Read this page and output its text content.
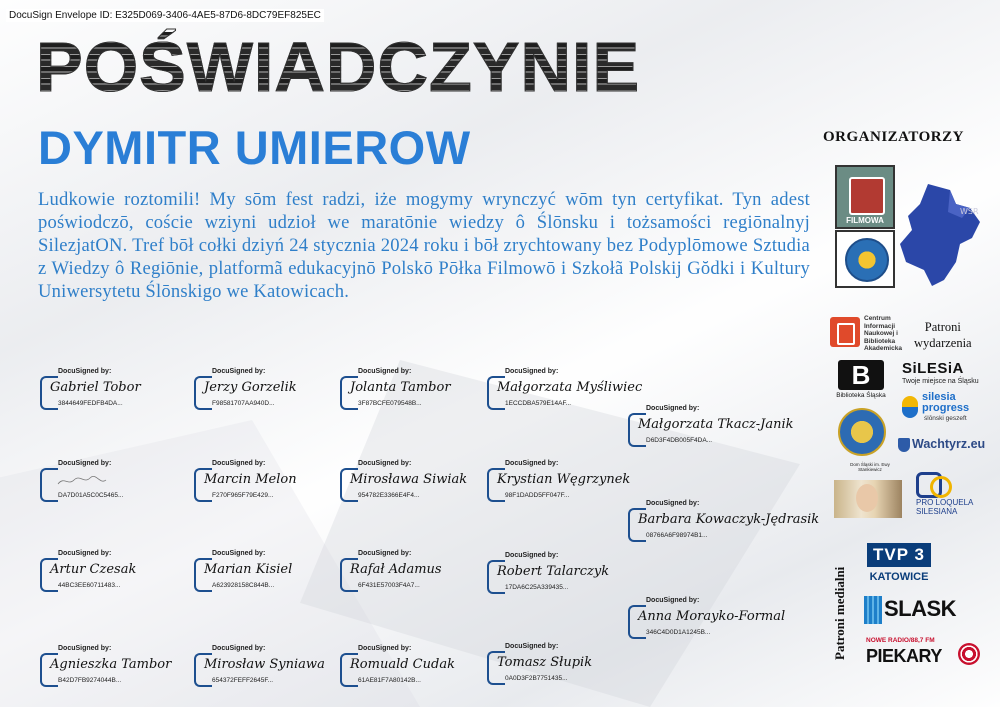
DocuSign Envelope ID: E325D069-3406-4AE5-87D6-8DC79EF825EC
POŚWIADCZYNIE
DYMITR UMIEROW
Ludkowie roztomili! My sōm fest radzi, iże mogymy wrynczyć wōm tyn certyfikat. Tyn adest poświodczō, coście wziyni udzioł we maratōnie wiedzy ô Ślōnsku i tożsamości regiōnalnyj SilezjatON. Tref bōł cołki dziyń 24 stycznia 2024 roku i bōł zrychtowany bez Podyplōmowe Sztudia z Wiedzy ô Regiōnie, platformã edukacyjnō Polskō Pōłka Filmowō i Szkołã Polskij Gŏdki i Kultury Uniwersytetu Ślōnskigo we Katowicach.
DocuSigned by:
Gabriel Tobor
3844649FEDFB4DA...
DocuSigned by:
Jerzy Gorzelik
F98581707AA940D...
DocuSigned by:
Jolanta Tambor
3F87BCFE079548B...
DocuSigned by:
Małgorzata Myśliwiec
1ECCDBA579E14AF...
DocuSigned by:
Małgorzata Tkacz-Janik
D6D3F4DB005F4DA...
DocuSigned by:
DA7D01A5C0C5465...
DocuSigned by:
Marcin Melon
F270F965F79E429...
DocuSigned by:
Mirosława Siwiak
954782E3366E4F4...
DocuSigned by:
Krystian Węgrzynek
98F1DADD5FF047F...
DocuSigned by:
Barbara Kowaczyk-Jędrasik
08766A6F98974B1...
DocuSigned by:
Artur Czesak
44BC3EE60711483...
DocuSigned by:
Marian Kisiel
A623928158C844B...
DocuSigned by:
Rafał Adamus
6F431E57003F4A7...
DocuSigned by:
Robert Talarczyk
17DA6C25A339435...
DocuSigned by:
Anna Morayko-Formal
346C4D0D1A1245B...
DocuSigned by:
Agnieszka Tambor
B42D7FB9274044B...
DocuSigned by:
Mirosław Syniawa
654372FEFF2645F...
DocuSigned by:
Romuald Cudak
61AE81F7A80142B...
DocuSigned by:
Tomasz Słupik
0A0D3F2B7751435...
ORGANIZATORZY
FILMOWA
WSR
Centrum Informacji Naukowej i Biblioteka Akademicka
Patroni
wydarzenia
B
Biblioteka Śląska
SiLESiA
Twoje miejsce na Śląsku
silesia progress
ślōnski geszeft
Wachtyrz.eu
Dom Śląski im. Ewy Stankiewicz
PRO LOQUELA SILESIANA
Patroni medialni
TVP 3
KATOWICE
SLASK
NOWE RADIO/88,7 FM
PIEKARY
